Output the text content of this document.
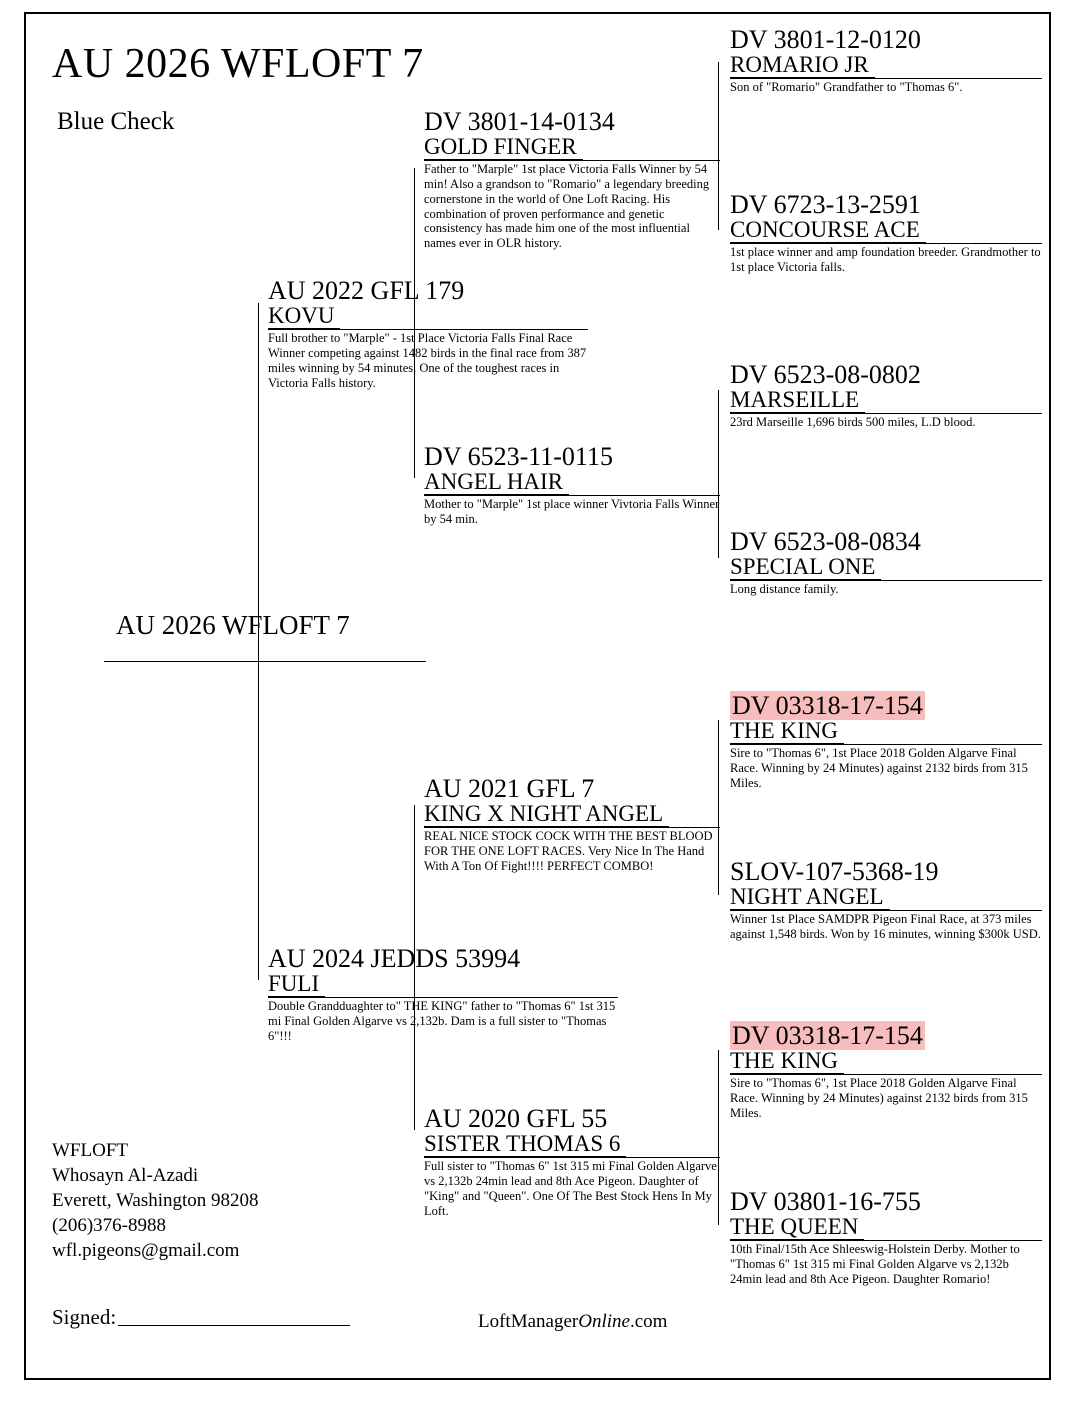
AU 2026 WFLOFT 7
Blue Check
DV 3801-12-0120
ROMARIO JR
Son of "Romario" Grandfather to "Thomas 6".
DV 3801-14-0134
GOLD FINGER
Father to "Marple" 1st place Victoria Falls Winner by 54 min! Also a grandson to "Romario" a legendary breeding cornerstone in the world of One Loft Racing. His combination of proven performance and genetic consistency has made him one of the most influential names ever in OLR history.
DV 6723-13-2591
CONCOURSE ACE
1st place winner and amp foundation breeder. Grandmother to 1st place Victoria falls.
AU 2022 GFL 179
KOVU
Full brother to "Marple" - 1st Place Victoria Falls Final Race Winner competing against 1482 birds in the final race from 387 miles winning by 54 minutes. One of the toughest races in Victoria Falls history.	DV 6523-08-0802
MARSEILLE
23rd Marseille 1,696 birds 500 miles, L.D blood.
DV 6523-11-0115
ANGEL HAIR
Mother to "Marple" 1st place winner Vivtoria Falls Winner by 54 min.
DV 6523-08-0834
SPECIAL ONE
Long distance family.
AU 2026 WFLOFT 7
DV 03318-17-154
THE KING
Sire to "Thomas 6", 1st Place 2018 Golden Algarve Final Race. Winning by 24 Minutes) against 2132 birds from 315 Miles.
AU 2021 GFL 7
KING X NIGHT ANGEL
REAL NICE STOCK COCK WITH THE BEST BLOOD FOR THE ONE LOFT RACES. Very Nice In The Hand With A Ton Of Fight!!!! PERFECT COMBO!	SLOV-107-5368-19
NIGHT ANGEL
Winner 1st Place SAMDPR Pigeon Final Race, at 373 miles against 1,548 birds. Won by 16 minutes, winning $300k USD.
AU 2024 JEDDS 53994
FULI
Double Grandduaghter to" THE KING" father to "Thomas 6" 1st 315 mi Final Golden Algarve vs 2,132b. Dam is a full sister to "Thomas 6"!!!	DV 03318-17-154
THE KING
Sire to "Thomas 6", 1st Place 2018 Golden Algarve Final Race. Winning by 24 Minutes) against 2132 birds from 315 Miles.
AU 2020 GFL 55
SISTER THOMAS 6
Full sister to "Thomas 6" 1st 315 mi Final Golden Algarve vs 2,132b 24min lead and 8th Ace Pigeon. Daughter of "King" and "Queen". One Of The Best Stock Hens In My Loft.	DV 03801-16-755
THE QUEEN
10th Final/15th Ace Shleeswig-Holstein Derby. Mother to "Thomas 6" 1st 315 mi Final Golden Algarve vs 2,132b 24min lead and 8th Ace Pigeon. Daughter Romario!
WFLOFT
Whosayn Al-Azadi
Everett, Washington 98208
(206)376-8988
wfl.pigeons@gmail.com
Signed:	LoftManagerOnline.com
